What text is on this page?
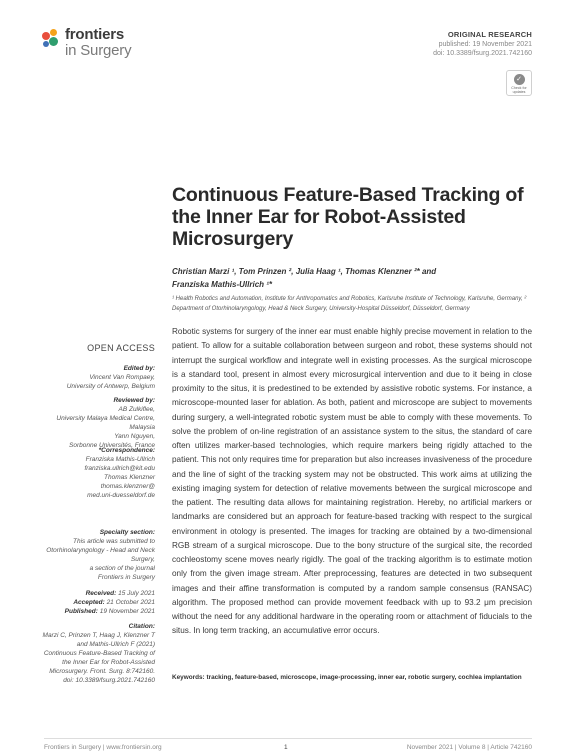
frontiers
in Surgery
ORIGINAL RESEARCH
published: 19 November 2021
doi: 10.3389/fsurg.2021.742160
✓
Check for updates
Continuous Feature-Based Tracking of the Inner Ear for Robot-Assisted Microsurgery
Christian Marzi ¹, Tom Prinzen ², Julia Haag ¹, Thomas Klenzner ²* and
Franziska Mathis-Ullrich ¹*
¹ Health Robotics and Automation, Institute for Anthropomatics and Robotics, Karlsruhe Institute of Technology, Karlsruhe, Germany, ² Department of Otorhinolaryngology, Head & Neck Surgery, University-Hospital Düsseldorf, Düsseldorf, Germany
OPEN ACCESS
Edited by:
Vincent Van Rompaey,
University of Antwerp, Belgium
Reviewed by:
AB Zulkiflee,
University Malaya Medical Centre,
Malaysia
Yann Nguyen,
Sorbonne Universités, France
*Correspondence:
Franziska Mathis-Ullrich
franziska.ullrich@kit.edu
Thomas Klenzner
thomas.klenzner@
med.uni-duesseldorf.de
Specialty section:
This article was submitted to
Otorhinolaryngology - Head and Neck
Surgery,
a section of the journal
Frontiers in Surgery
Received: 15 July 2021
Accepted: 21 October 2021
Published: 19 November 2021
Citation:
Marzi C, Prinzen T, Haag J, Klenzner T
and Mathis-Ullrich F (2021)
Continuous Feature-Based Tracking of
the Inner Ear for Robot-Assisted
Microsurgery. Front. Surg. 8:742160.
doi: 10.3389/fsurg.2021.742160
Robotic systems for surgery of the inner ear must enable highly precise movement in relation to the patient. To allow for a suitable collaboration between surgeon and robot, these systems should not interrupt the surgical workflow and integrate well in existing processes. As the surgical microscope is a standard tool, present in almost every microsurgical intervention and due to it being in close proximity to the situs, it is predestined to be extended by assistive robotic systems. For instance, a microscope-mounted laser for ablation. As both, patient and microscope are subject to movements during surgery, a well-integrated robotic system must be able to comply with these movements. To solve the problem of on-line registration of an assistance system to the situs, the standard of care often utilizes marker-based technologies, which require markers being rigidly attached to the patient. This not only requires time for preparation but also increases invasiveness of the procedure and the line of sight of the tracking system may not be obstructed. This work aims at utilizing the existing imaging system for detection of relative movements between the surgical microscope and the patient. The resulting data allows for maintaining registration. Hereby, no artificial markers or landmarks are considered but an approach for feature-based tracking with respect to the surgical environment in otology is presented. The images for tracking are obtained by a two-dimensional RGB stream of a surgical microscope. Due to the bony structure of the surgical site, the recorded cochleostomy scene moves nearly rigidly. The goal of the tracking algorithm is to estimate motion only from the given image stream. After preprocessing, features are detected in two subsequent images and their affine transformation is computed by a random sample consensus (RANSAC) algorithm. The proposed method can provide movement feedback with up to 93.2 μm precision without the need for any additional hardware in the operating room or attachment of fiducials to the situs. In long term tracking, an accumulative error occurs.
Keywords: tracking, feature-based, microscope, image-processing, inner ear, robotic surgery, cochlea implantation
Frontiers in Surgery | www.frontiersin.org	1	November 2021 | Volume 8 | Article 742160
